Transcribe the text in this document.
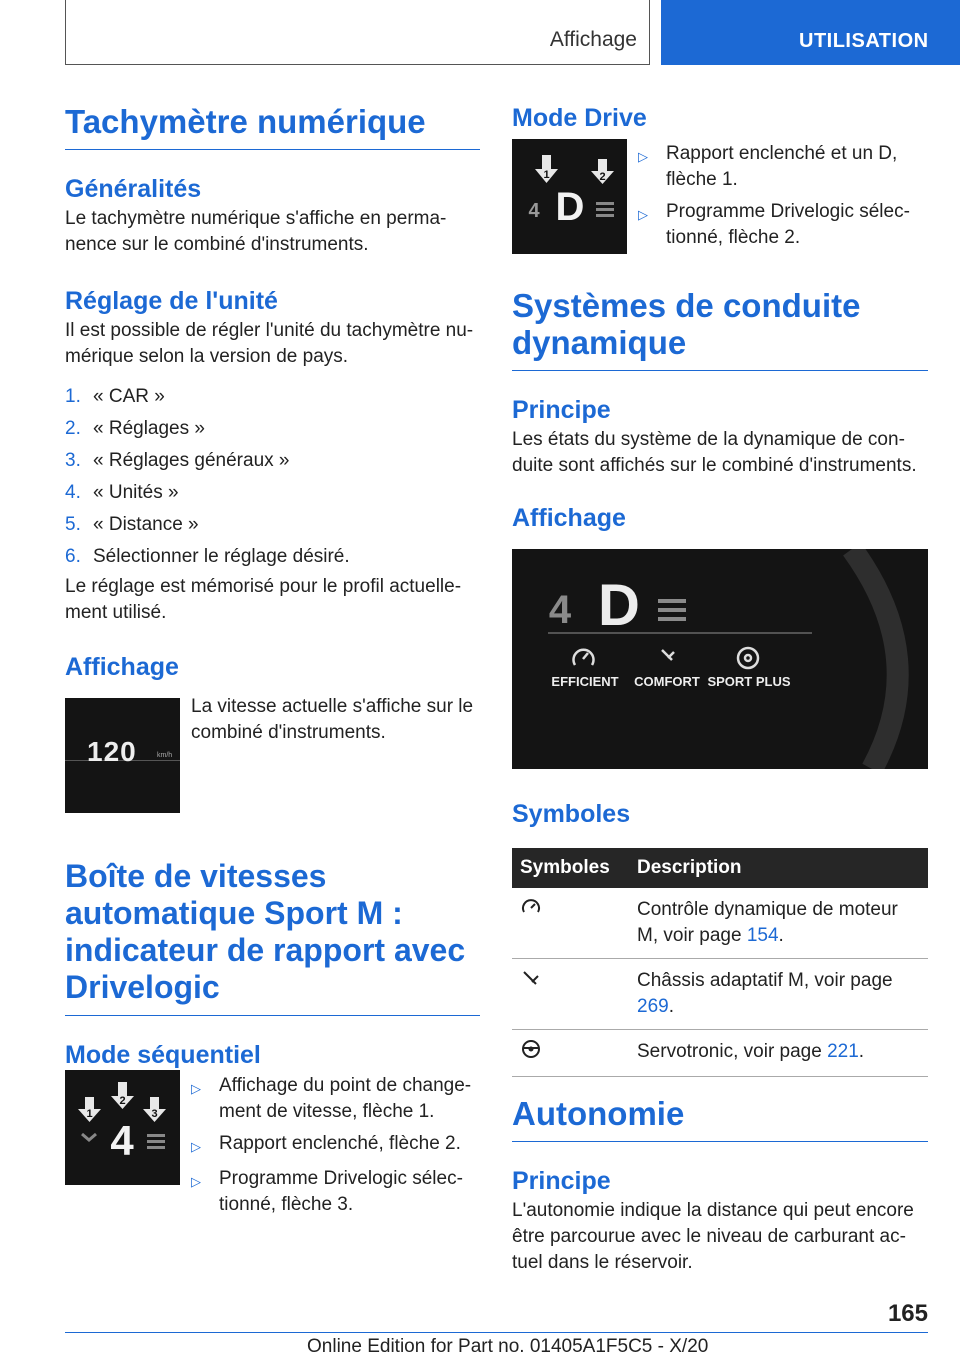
Affichage	UTILISATION
Tachymètre numérique
Généralités
Le tachymètre numérique s'affiche en permanence sur le combiné d'instruments.
Réglage de l'unité
Il est possible de régler l'unité du tachymètre numérique selon la version de pays.
1. « CAR »
2. « Réglages »
3. « Réglages généraux »
4. « Unités »
5. « Distance »
6. Sélectionner le réglage désiré.
Le réglage est mémorisé pour le profil actuellement utilisé.
Affichage
120	km/h
La vitesse actuelle s'affiche sur le combiné d'instruments.
Boîte de vitesses automatique Sport M : indicateur de rapport avec Drivelogic
Mode séquentiel
1
2
3
4
▷ Affichage du point de changement de vitesse, flèche 1.
▷ Rapport enclenché, flèche 2.
▷ Programme Drivelogic sélectionné, flèche 3.
Mode Drive
1	2
4 D
▷ Rapport enclenché et un D, flèche 1.
▷ Programme Drivelogic sélectionné, flèche 2.
Systèmes de conduite dynamique
Principe
Les états du système de la dynamique de conduite sont affichés sur le combiné d'instruments.
Affichage
4 D
EFFICIENT COMFORT SPORT PLUS
Symboles
Symboles	Description
	Contrôle dynamique de moteur M, voir page 154.
	Châssis adaptatif M, voir page 269.
	Servotronic, voir page 221.
Autonomie
Principe
L'autonomie indique la distance qui peut encore être parcourue avec le niveau de carburant actuel dans le réservoir.
165
Online Edition for Part no. 01405A1F5C5 - X/20
